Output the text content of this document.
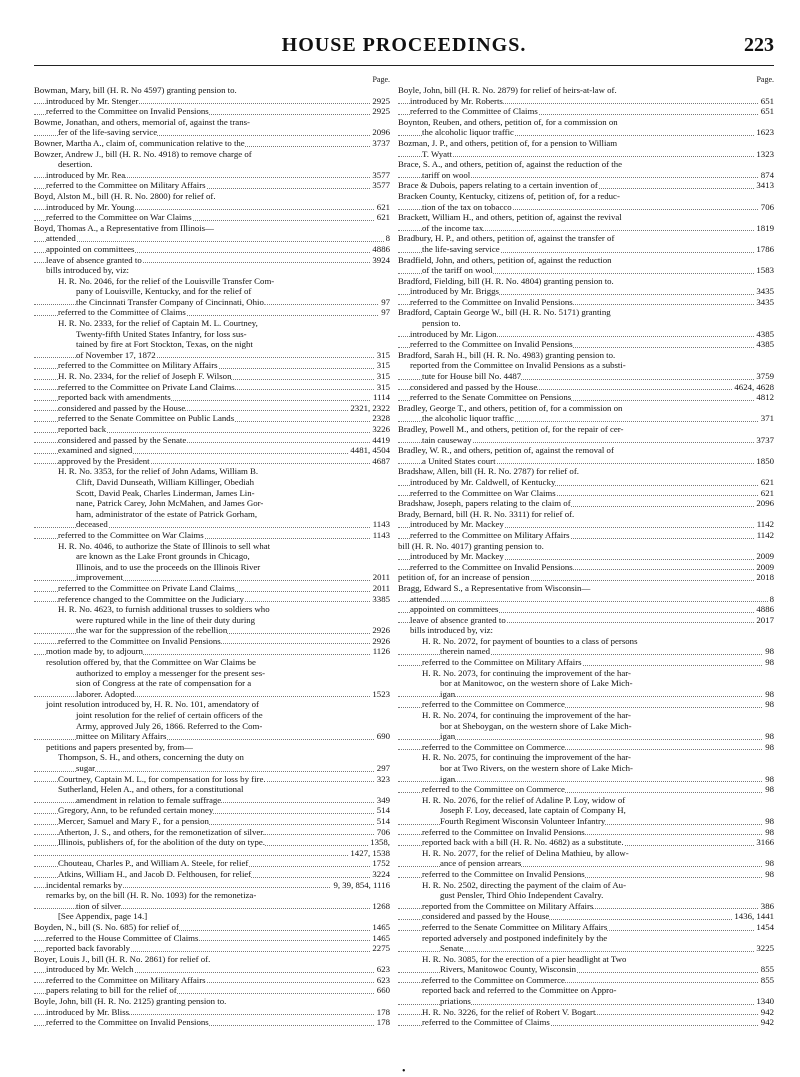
HOUSE PROCEEDINGS.	223
Page.
Bowman, Mary, bill (H. R. No 4597) granting pension to.
introduced by Mr. Stenger	2925
referred to the Committee on Invalid Pensions	2925
Bowme, Jonathan, and others, memorial of, against the trans-
fer of the life-saving service	2096
Bowner, Martha A., claim of, communication relative to the	3737
Bowzer, Andrew J., bill (H. R. No. 4918) to remove charge of
desertion.
introduced by Mr. Rea	3577
referred to the Committee on Military Affairs	3577
Boyd, Alston M., bill (H. R. No. 2800) for relief of.
introduced by Mr. Young	621
referred to the Committee on War Claims	621
Boyd, Thomas A., a Representative from Illinois—
attended	8
appointed on committees	4886
leave of absence granted to	3924
bills introduced by, viz:
H. R. No. 2046, for the relief of the Louisville Transfer Com-
pany of Louisville, Kentucky, and for the relief of
the Cincinnati Transfer Company of Cincinnati, Ohio.	97
referred to the Committee of Claims	97
H. R. No. 2333, for the relief of Captain M. L. Courtney,
Twenty-fifth United States Infantry, for loss sus-
tained by fire at Fort Stockton, Texas, on the night
of November 17, 1872	315
referred to the Committee on Military Affairs	315
H. R. No. 2334, for the relief of Joseph F. Wilson	315
referred to the Committee on Private Land Claims	315
reported back with amendments	1114
considered and passed by the House	2321, 2322
referred to the Senate Committee on Public Lands	2328
reported back	3226
considered and passed by the Senate	4419
examined and signed	4481, 4504
approved by the President	4687
H. R. No. 3353, for the relief of John Adams, William B.
Clift, David Dunseath, William Killinger, Obediah
Scott, David Peak, Charles Linderman, James Lin-
nane, Patrick Carey, John McMahen, and James Gor-
ham, administrator of the estate of Patrick Gorham,
deceased	1143
referred to the Committee on War Claims	1143
H. R. No. 4046, to authorize the State of Illinois to sell what
are known as the Lake Front grounds in Chicago,
Illinois, and to use the proceeds on the Illinois River
improvement	2011
referred to the Committee on Private Land Claims	2011
reference changed to the Committee on the Judiciary	3385
H. R. No. 4623, to furnish additional trusses to soldiers who
were ruptured while in the line of their duty during
the war for the suppression of the rebellion	2926
referred to the Committee on Invalid Pensions	2926
motion made by, to adjourn	1126
resolution offered by, that the Committee on War Claims be
authorized to employ a messenger for the present ses-
sion of Congress at the rate of compensation for a
laborer. Adopted	1523
joint resolution introduced by, H. R. No. 101, amendatory of
joint resolution for the relief of certain officers of the
Army, approved July 26, 1866. Referred to the Com-
mittee on Military Affairs	690
petitions and papers presented by, from—
Thompson, S. H., and others, concerning the duty on
sugar	297
Courtney, Captain M. L., for compensation for loss by fire.	323
Sutherland, Helen A., and others, for a constitutional
amendment in relation to female suffrage	349
Gregory, Ann, to be refunded certain money	514
Mercer, Samuel and Mary F., for a pension	514
Atherton, J. S., and others, for the remonetization of silver.	706
Illinois, publishers of, for the abolition of the duty on type.	1358,
1427, 1538
Chouteau, Charles P., and William A. Steele, for relief	1752
Atkins, William H., and Jacob D. Felthousen, for relief	3224
incidental remarks by	9, 39, 854, 1116
remarks by, on the bill (H. R. No. 1093) for the remonetiza-
tion of silver	1268
[See Appendix, page 14.]
Boyden, N., bill (S. No. 685) for relief of	1465
referred to the House Committee of Claims	1465
reported back favorably	2275
Boyer, Louis J., bill (H. R. No. 2861) for relief of.
introduced by Mr. Welch	623
referred to the Committee on Military Affairs	623
papers relating to bill for the relief of	660
Boyle, John, bill (H. R. No. 2125) granting pension to.
introduced by Mr. Bliss	178
referred to the Committee on Invalid Pensions	178
Page.
Boyle, John, bill (H. R. No. 2879) for relief of heirs-at-law of.
introduced by Mr. Roberts	651
referred to the Committee of Claims	651
Boynton, Reuben, and others, petition of, for a commission on
the alcoholic liquor traffic	1623
Bozman, J. P., and others, petition of, for a pension to William
T. Wyatt	1323
Brace, S. A., and others, petition of, against the reduction of the
tariff on wool	874
Brace & Dubois, papers relating to a certain invention of	3413
Bracken County, Kentucky, citizens of, petition of, for a reduc-
tion of the tax on tobacco	706
Brackett, William H., and others, petition of, against the revival
of the income tax	1819
Bradbury, H. P., and others, petition of, against the transfer of
the life-saving service	1786
Bradfield, John, and others, petition of, against the reduction
of the tariff on wool	1583
Bradford, Fielding, bill (H. R. No. 4804) granting pension to.
introduced by Mr. Briggs	3435
referred to the Committee on Invalid Pensions	3435
Bradford, Captain George W., bill (H. R. No. 5171) granting
pension to.
introduced by Mr. Ligon	4385
referred to the Committee on Invalid Pensions	4385
Bradford, Sarah H., bill (H. R. No. 4983) granting pension to.
reported from the Committee on Invalid Pensions as a substi-
tute for House bill No. 4487	3759
considered and passed by the House	4624, 4628
referred to the Senate Committee on Pensions	4812
Bradley, George T., and others, petition of, for a commission on
the alcoholic liquor traffic	371
Bradley, Powell M., and others, petition of, for the repair of cer-
tain causeway	3737
Bradley, W. R., and others, petition of, against the removal of
a United States court	1850
Bradshaw, Allen, bill (H. R. No. 2787) for relief of.
introduced by Mr. Caldwell, of Kentucky	621
referred to the Committee on War Claims	621
Bradshaw, Joseph, papers relating to the claim of	2096
Brady, Bernard, bill (H. R. No. 3311) for relief of.
introduced by Mr. Mackey	1142
referred to the Committee on Military Affairs	1142
bill (H. R. No. 4017) granting pension to.
introduced by Mr. Mackey	2009
referred to the Committee on Invalid Pensions	2009
petition of, for an increase of pension	2018
Bragg, Edward S., a Representative from Wisconsin—
attended	8
appointed on committees	4886
leave of absence granted to	2017
bills introduced by, viz:
H. R. No. 2072, for payment of bounties to a class of persons
therein named	98
referred to the Committee on Military Affairs	98
H. R. No. 2073, for continuing the improvement of the har-
bor at Manitowoc, on the western shore of Lake Mich-
igan	98
referred to the Committee on Commerce	98
H. R. No. 2074, for continuing the improvement of the har-
bor at Sheboygan, on the western shore of Lake Mich-
igan	98
referred to the Committee on Commerce	98
H. R. No. 2075, for continuing the improvement of the har-
bor at Two Rivers, on the western shore of Lake Mich-
igan	98
referred to the Committee on Commerce	98
H. R. No. 2076, for the relief of Adaline P. Loy, widow of
Joseph F. Loy, deceased, late captain of Company H,
Fourth Regiment Wisconsin Volunteer Infantry	98
referred to the Committee on Invalid Pensions	98
reported back with a bill (H. R. No. 4682) as a substitute.	3166
H. R. No. 2077, for the relief of Delina Mathieu, by allow-
ance of pension arrears	98
referred to the Committee on Invalid Pensions	98
H. R. No. 2502, directing the payment of the claim of Au-
gust Pensler, Third Ohio Independent Cavalry.
reported from the Committee on Military Affairs	386
considered and passed by the House	1436, 1441
referred to the Senate Committee on Military Affairs	1454
reported adversely and postponed indefinitely by the
Senate	3225
H. R. No. 3085, for the erection of a pier headlight at Two
Rivers, Manitowoc County, Wisconsin	855
referred to the Committee on Commerce	855
reported back and referred to the Committee on Appro-
priations	1340
H. R. No. 3226, for the relief of Robert V. Bogart	942
referred to the Committee of Claims	942
•
